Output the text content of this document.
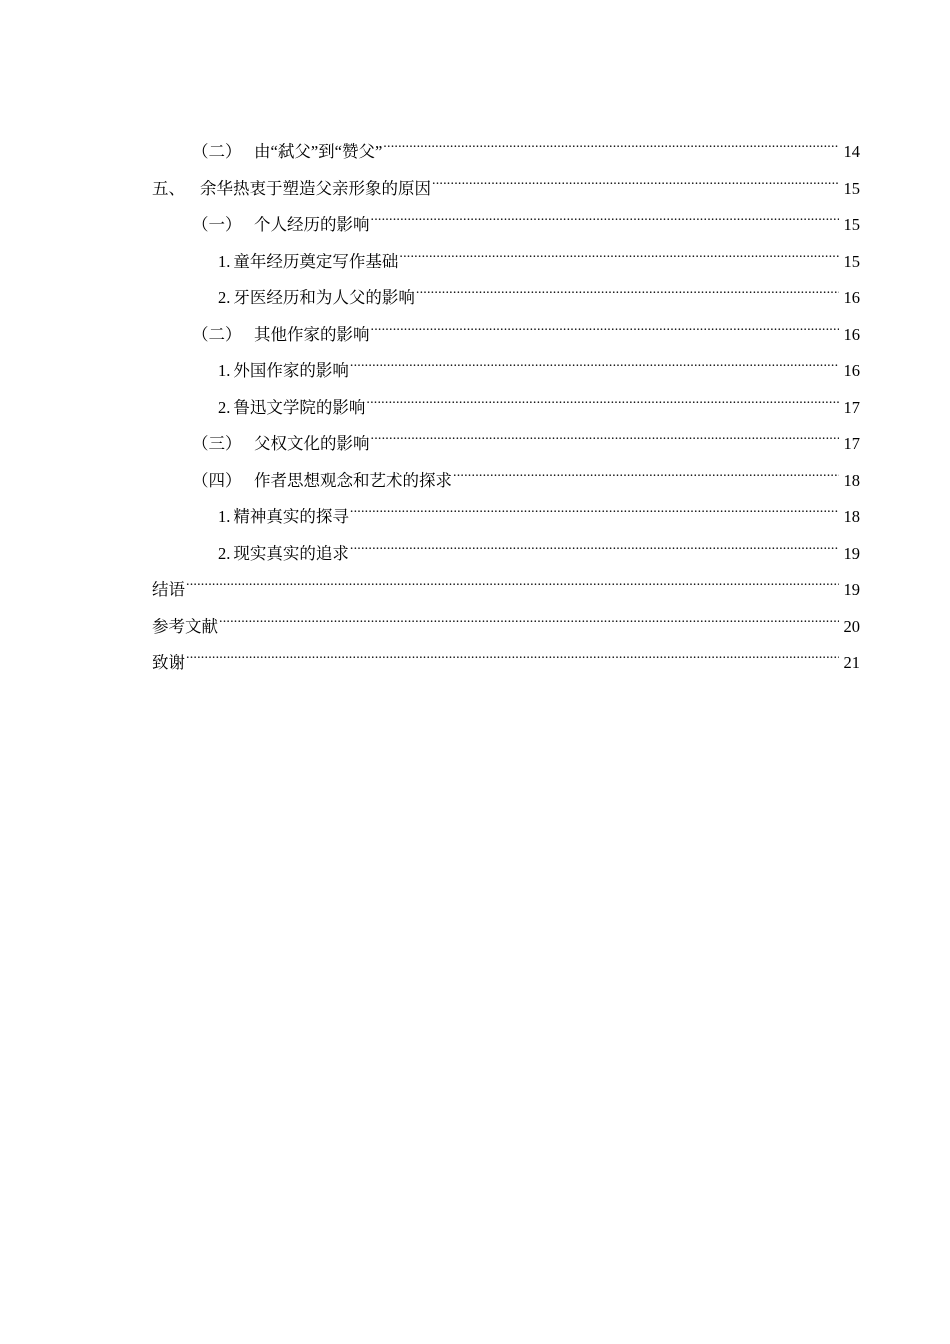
（二） 由“弑父”到“赞父” .....	14
五、 余华热衷于塑造父亲形象的原因 .....	15
（一） 个人经历的影响 .....	15
1. 童年经历奠定写作基础 .....	15
2. 牙医经历和为人父的影响 .....	16
（二） 其他作家的影响 .....	16
1. 外国作家的影响 .....	16
2. 鲁迅文学院的影响 .....	17
（三） 父权文化的影响 .....	17
（四） 作者思想观念和艺术的探求 .....	18
1. 精神真实的探寻 .....	18
2. 现实真实的追求 .....	19
结语 .....	19
参考文献 .....	20
致谢 .....	21
